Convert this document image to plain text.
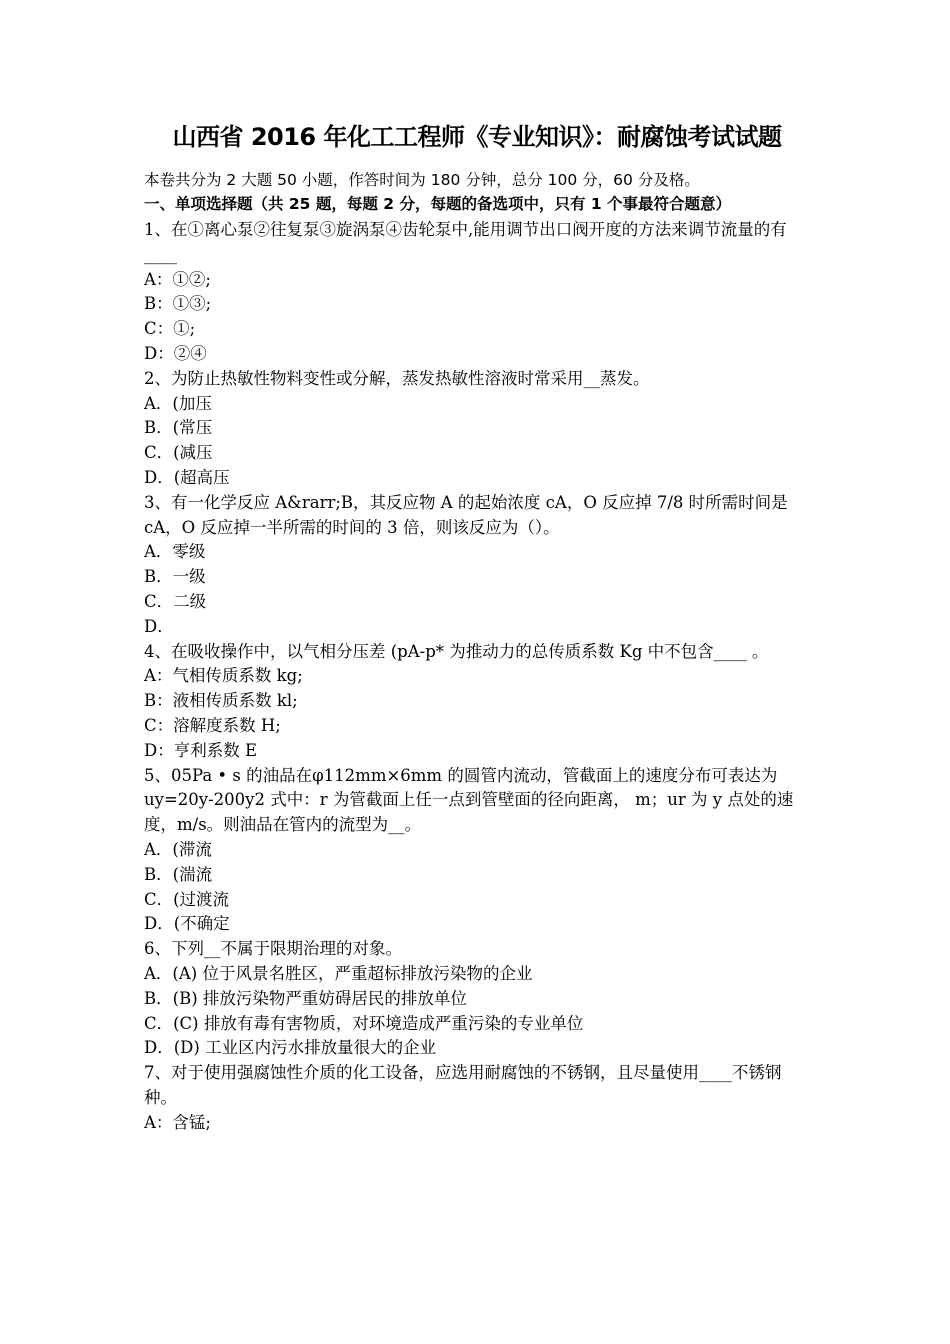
山西省 2016 年化工工程师《专业知识》：耐腐蚀考试试题

本卷共分为 2 大题 50 小题，作答时间为 180 分钟，总分 100 分，60 分及格。

一、单项选择题（共 25 题，每题 2 分，每题的备选项中，只有 1 个事最符合题意）

1、在①离心泵②往复泵③旋涡泵④齿轮泵中,能用调节出口阀开度的方法来调节流量的有____

A：①②;

B：①③;

C：①;

D：②④

2、为防止热敏性物料变性或分解，蒸发热敏性溶液时常采用__蒸发。

A．(加压

B．(常压

C．(减压

D．(超高压

3、有一化学反应 A&rarr;B，其反应物 A 的起始浓度 cA，O 反应掉 7/8 时所需时间是 cA，O 反应掉一半所需的时间的 3 倍，则该反应为（）。

A．零级

B．一级

C．二级

D．

4、在吸收操作中，以气相分压差 (pA-p* 为推动力的总传质系数 Kg 中不包含____ 。

A：气相传质系数 kg;

B：液相传质系数 kl;

C：溶解度系数 H;

D：亨利系数 E

5、05Pa • s 的油品在φ112mm×6mm 的圆管内流动，管截面上的速度分布可表达为 uy=20y-200y2 式中：r 为管截面上任一点到管壁面的径向距离， m；ur 为 y 点处的速度，m/s。则油品在管内的流型为__。

A．(滞流

B．(湍流

C．(过渡流

D．(不确定

6、下列__不属于限期治理的对象。

A．(A) 位于风景名胜区，严重超标排放污染物的企业

B．(B) 排放污染物严重妨碍居民的排放单位

C．(C) 排放有毒有害物质，对环境造成严重污染的专业单位

D．(D) 工业区内污水排放量很大的企业

7、对于使用强腐蚀性介质的化工设备，应选用耐腐蚀的不锈钢，且尽量使用____不锈钢种。

A：含锰;
